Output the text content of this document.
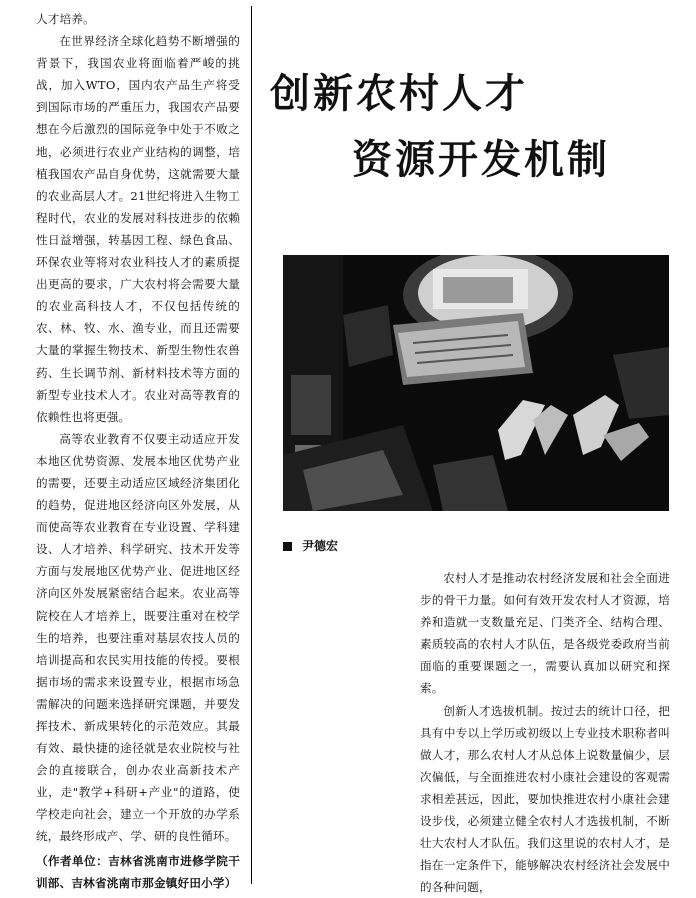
人才培养。

在世界经济全球化趋势不断增强的背景下，我国农业将面临着严峻的挑战，加入WTO，国内农产品生产将受到国际市场的严重压力，我国农产品要想在今后激烈的国际竞争中处于不败之地，必须进行农业产业结构的调整，培植我国农产品自身优势，这就需要大量的农业高层人才。21世纪将进入生物工程时代，农业的发展对科技进步的依赖性日益增强，转基因工程、绿色食品、环保农业等将对农业科技人才的素质提出更高的要求，广大农村将会需要大量的农业高科技人才，不仅包括传统的农、林、牧、水、渔专业，而且还需要大量的掌握生物技术、新型生物性农兽药、生长调节剂、新材料技术等方面的新型专业技术人才。农业对高等教育的依赖性也将更强。

高等农业教育不仅要主动适应开发本地区优势资源、发展本地区优势产业的需要，还要主动适应区域经济集团化的趋势，促进地区经济向区外发展，从而使高等农业教育在专业设置、学科建设、人才培养、科学研究、技术开发等方面与发展地区优势产业、促进地区经济向区外发展紧密结合起来。农业高等院校在人才培养上，既要注重对在校学生的培养，也要注重对基层农技人员的培训提高和农民实用技能的传授。要根据市场的需求来设置专业，根据市场急需解决的问题来选择研究课题，并要发挥技术、新成果转化的示范效应。其最有效、最快捷的途径就是农业院校与社会的直接联合，创办农业高新技术产业，走"教学+科研+产业"的道路，使学校走向社会，建立一个开放的办学系统，最终形成产、学、研的良性循环。

（作者单位：吉林省洮南市进修学院干训部、吉林省洮南市那金镇好田小学）

创新农村人才
资源开发机制
尹德宏

农村人才是推动农村经济发展和社会全面进步的骨干力量。如何有效开发农村人才资源，培养和造就一支数量充足、门类齐全、结构合理、素质较高的农村人才队伍，是各级党委政府当前面临的重要课题之一，需要认真加以研究和探索。

创新人才选拔机制。按过去的统计口径，把具有中专以上学历或初级以上专业技术职称者叫做人才，那么农村人才从总体上说数量偏少，层次偏低，与全面推进农村小康社会建设的客观需求相差甚远，因此，要加快推进农村小康社会建设步伐，必须建立健全农村人才选拔机制，不断壮大农村人才队伍。我们这里说的农村人才，是指在一定条件下，能够解决农村经济社会发展中的各种问题，
